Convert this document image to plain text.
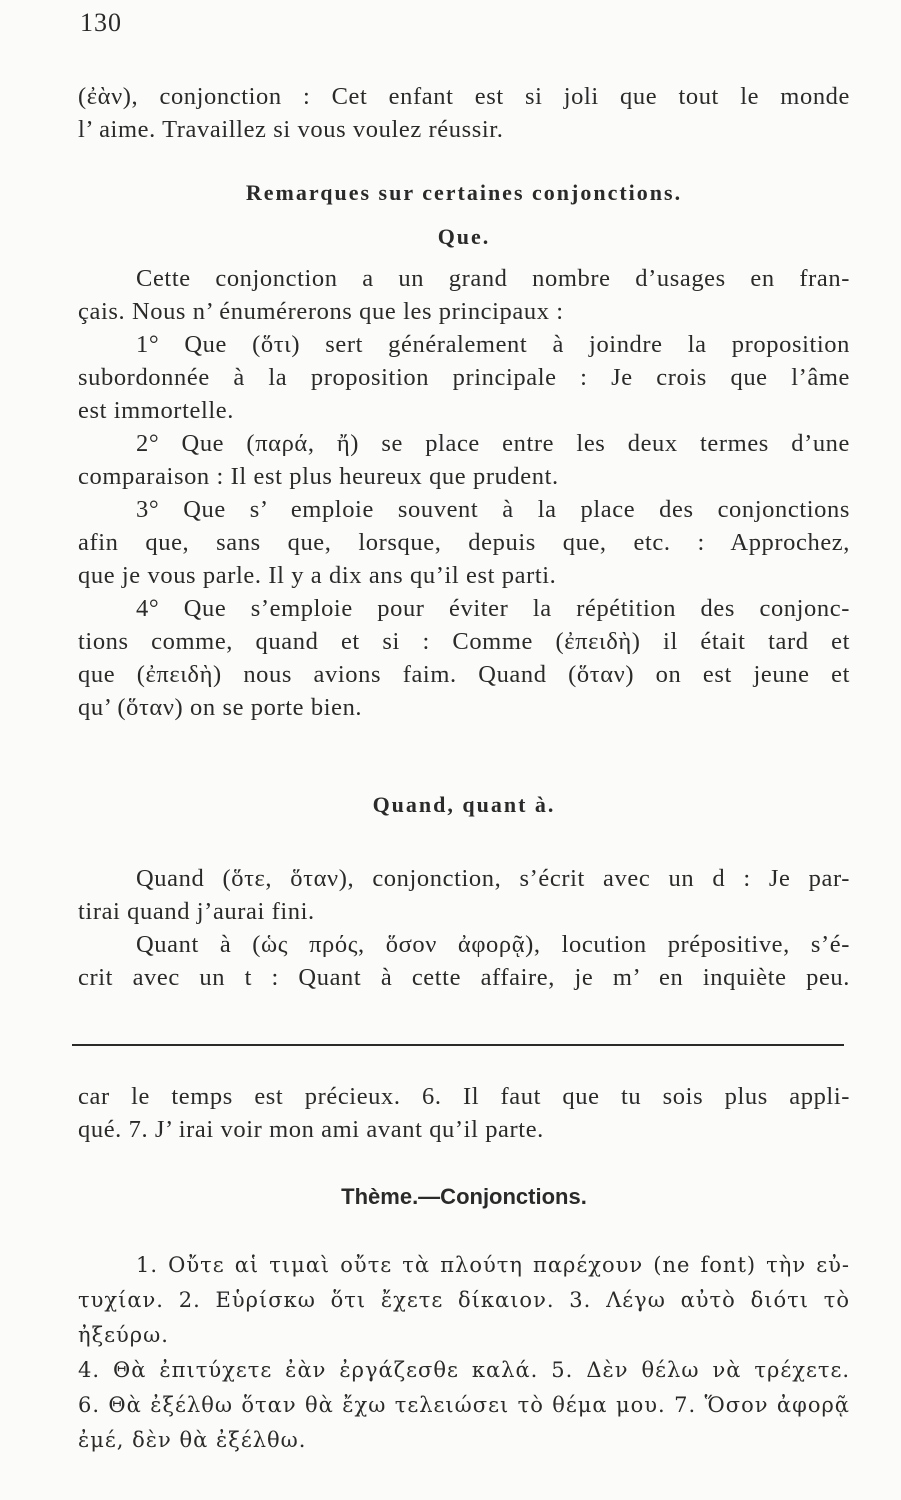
130
(ἐὰν), conjonction : Cet enfant est si joli que tout le monde
l’ aime. Travaillez si vous voulez réussir.
Remarques sur certaines conjonctions.
Que.
Cette conjonction a un grand nombre d’usages en fran-
çais. Nous n’ énumérerons que les principaux :
1° Que (ὅτι) sert généralement à joindre la proposition
subordonnée à la proposition principale : Je crois que l’âme
est immortelle.
2° Que (παρά, ἤ) se place entre les deux termes d’une
comparaison : Il est plus heureux que prudent.
3° Que s’ emploie souvent à la place des conjonctions
afin que, sans que, lorsque, depuis que, etc. : Approchez,
que je vous parle. Il y a dix ans qu’il est parti.
4° Que s’emploie pour éviter la répétition des conjonc-
tions comme, quand et si : Comme (ἐπειδὴ) il était tard et
que (ἐπειδὴ) nous avions faim. Quand (ὅταν) on est jeune et
qu’ (ὅταν) on se porte bien.
Quand, quant à.
Quand (ὅτε, ὅταν), conjonction, s’écrit avec un d : Je par-
tirai quand j’aurai fini.
Quant à (ὡς πρός, ὅσον ἀφορᾷ), locution prépositive, s’é-
crit avec un t : Quant à cette affaire, je m’ en inquiète peu.
car le temps est précieux. 6. Il faut que tu sois plus appli-
qué. 7. J’ irai voir mon ami avant qu’il parte.
Thème.—Conjonctions.
1. Οὔτε αἱ τιμαὶ οὔτε τὰ πλούτη παρέχουν (ne font) τὴν εὐ-
τυχίαν. 2. Εὑρίσκω ὅτι ἔχετε δίκαιον. 3. Λέγω αὐτὸ διότι τὸ ἠξεύρω.
4. Θὰ ἐπιτύχετε ἐὰν ἐργάζεσθε καλά. 5. Δὲν θέλω νὰ τρέχετε.
6. Θὰ ἐξέλθω ὅταν θὰ ἔχω τελειώσει τὸ θέμα μου. 7. Ὅσον ἀφορᾷ
ἐμέ, δὲν θὰ ἐξέλθω.
